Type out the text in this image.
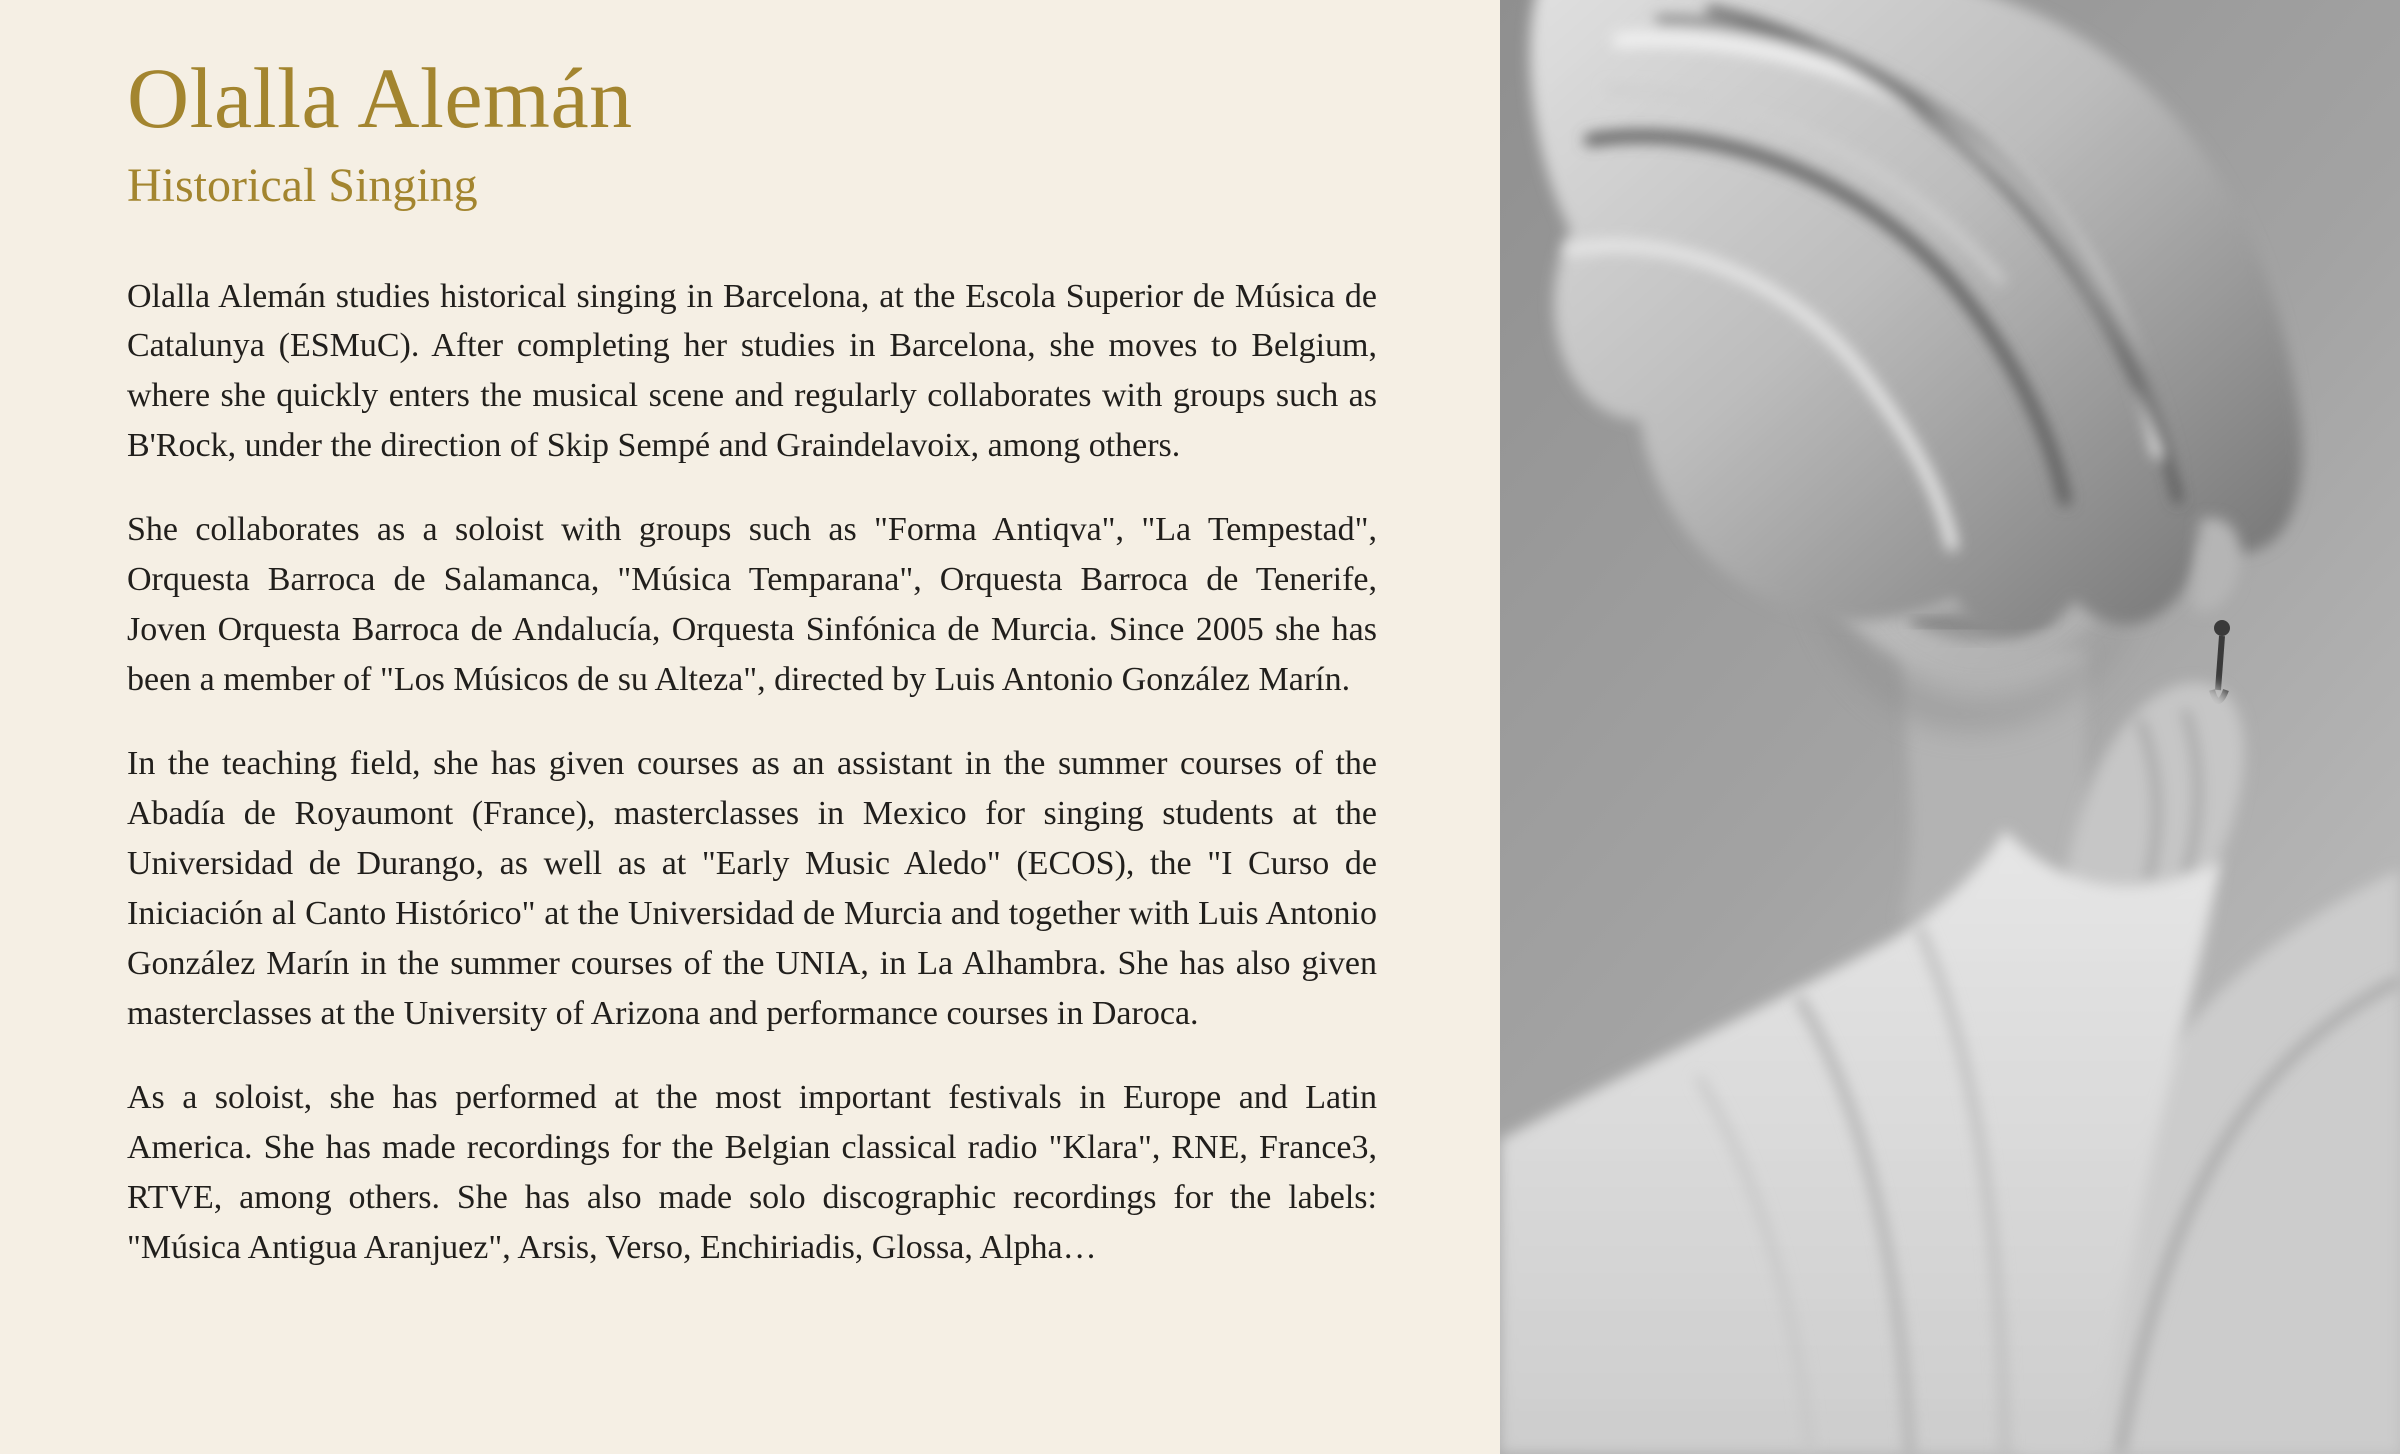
Olalla Alemán
Historical Singing

Olalla Alemán studies historical singing in Barcelona, at the Escola Superior de Música de Catalunya (ESMuC). After completing her studies in Barcelona, she moves to Belgium, where she quickly enters the musical scene and regularly collaborates with groups such as B'Rock, under the direction of Skip Sempé and Graindelavoix, among others.

She collaborates as a soloist with groups such as "Forma Antiqva", "La Tempestad", Orquesta Barroca de Salamanca, "Música Temparana", Orquesta Barroca de Tenerife, Joven Orquesta Barroca de Andalucía, Orquesta Sinfónica de Murcia. Since 2005 she has been a member of "Los Músicos de su Alteza", directed by Luis Antonio González Marín.

In the teaching field, she has given courses as an assistant in the summer courses of the Abadía de Royaumont (France), masterclasses in Mexico for singing students at the Universidad de Durango, as well as at "Early Music Aledo" (ECOS), the "I Curso de Iniciación al Canto Histórico" at the Universidad de Murcia and together with Luis Antonio González Marín in the summer courses of the UNIA, in La Alhambra. She has also given masterclasses at the University of Arizona and performance courses in Daroca.

As a soloist, she has performed at the most important festivals in Europe and Latin America. She has made recordings for the Belgian classical radio "Klara", RNE, France3, RTVE, among others. She has also made solo discographic recordings for the labels: "Música Antigua Aranjuez", Arsis, Verso, Enchiriadis, Glossa, Alpha…
